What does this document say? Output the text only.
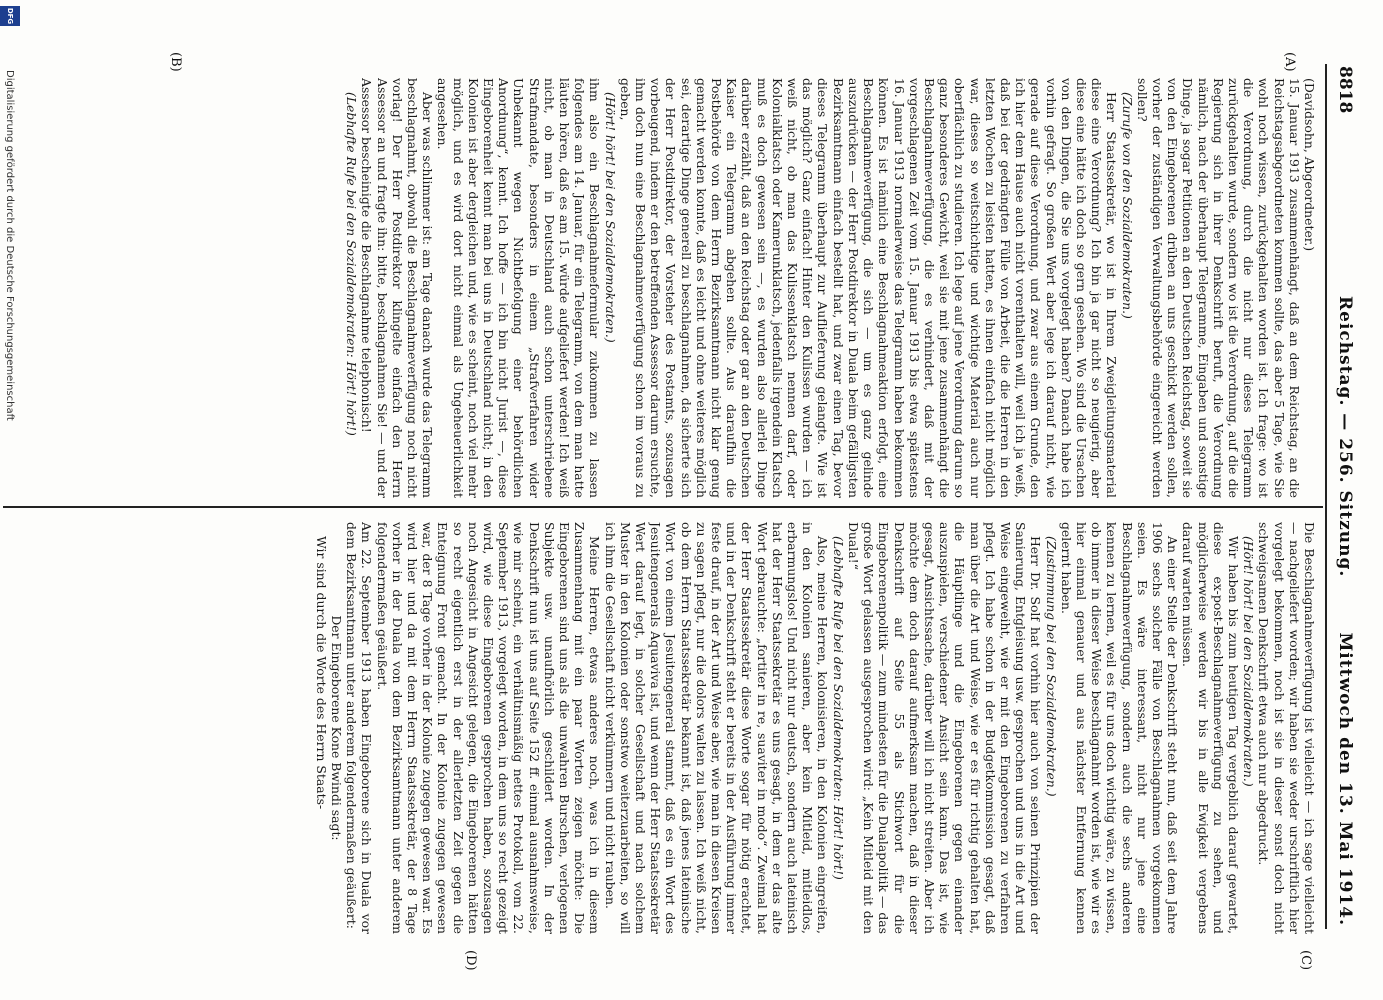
8818
Reichstag. — 256. Sitzung.
Mittwoch den 13. Mai 1914.
(A)
(B)
(C)
(D)

(Davidsohn, Abgeordneter.)

15. Januar 1913 zusammenhängt, daß an dem Reichstag, an die Reichstagsabgeordneten kommen sollte, das aber 5 Tage, wie Sie wohl noch wissen, zurückgehalten worden ist. Ich frage: wo ist die Verordnung, durch die nicht nur dieses Telegramm zurückgehalten wurde, sondern wo ist die Verordnung, auf die die Regierung sich in ihrer Denkschrift beruft, die Verordnung nämlich, nach der überhaupt Telegramme, Eingaben und sonstige Dinge, ja sogar Petitionen an den Deutschen Reichstag, soweit sie von den Eingeborenen drüben an uns geschickt werden sollen, vorher der zuständigen Verwaltungsbehörde eingereicht werden sollen?

(Zurufe von den Sozialdemokraten.)

Herr Staatssekretär, wo ist in Ihrem Zweigleitungsmaterial diese eine Verordnung? Ich bin ja gar nicht so neugierig, aber diese eine hätte ich doch so gern gesehen. Wo sind die Ursachen von den Dingen, die Sie uns vorgelegt haben? Danach habe ich vorhin gefragt. So großen Wert aber lege ich darauf nicht, wie gerade auf diese Verordnung, und zwar aus einem Grunde, den ich hier dem Hause auch nicht vorenthalten will, weil ich ja weiß, daß bei der gedrängten Fülle von Arbeit, die die Herren in den letzten Wochen zu leisten hatten, es ihnen einfach nicht möglich war, dieses so weitschichtige und wichtige Material auch nur oberflächlich zu studieren. Ich lege auf jene Verordnung darum so ganz besonderes Gewicht, weil sie mit jene zusammenhängt die Beschlagnahmeverfügung, die es verhindert, daß mit der vorgeschlagenen Zeit vom 15. Januar 1913 bis etwa spätestens 16. Januar 1913 normalerweise das Telegramm haben bekommen können. Es ist nämlich eine Beschlagnahmeaktion erfolgt, eine Beschlagnahmeverfügung, die sich — um es ganz gelinde auszudrücken — der Herr Postdirektor in Duala beim gefälligsten Bezirksamtmann einfach bestellt hat, und zwar einen Tag, bevor dieses Telegramm überhaupt zur Auflieferung gelangte. Wie ist das möglich? Ganz einfach! Hinter den Kulissen wurden — ich weiß nicht, ob man das Kulissenklatsch nennen darf, oder Kolonialklatsch oder Kamerunklatsch, jedenfalls irgendein Klatsch muß es doch gewesen sein —, es wurden also allerlei Dinge darüber erzählt, daß an den Reichstag oder gar an den Deutschen Kaiser ein Telegramm abgehen sollte. Aus daraufhin die Postbehörde von dem Herrn Bezirksamtmann nicht klar genug gemacht werden konnte, daß es leicht und ohne weiteres möglich sei, derartige Dinge generell zu beschlagnahmen, da sicherte sich der Herr Postdirektor, der Vorsteher des Postamts, sozusagen vorbeugend, indem er den betreffenden Assessor darum ersuchte, ihm doch nun eine Beschlagnahmeverfügung schon im voraus zu geben,

(Hört! hört! bei den Sozialdemokraten.)

ihm also ein Beschlagnahmeformular zukommen zu lassen folgendes am 14. Januar, für ein Telegramm, von dem man hatte läuten hören, daß es am 15. würde aufgeliefert werden! Ich weiß nicht, ob man in Deutschland auch schon unterschriebene Strafmandate, besonders in einem „Strafverfahren wider Unbekannt wegen Nichtbefolgung einer behördlichen Anordnung“, kennt. Ich hoffe — ich bin nicht Jurist —, diese Eingeborenheit kennt man bei uns in Deutschland nicht; in den Kolonien ist aber dergleichen und, wie es scheint, noch viel mehr möglich, und es wird dort nicht einmal als Ungeheuerlichkeit angesehen.

Aber was schlimmer ist: am Tage danach wurde das Telegramm beschlagnahmt, obwohl die Beschlagnahmeverfügung noch nicht vorlag! Der Herr Postdirektor klingelte einfach den Herrn Assessor an und fragte ihn: bitte, beschlagnahmen Sie! — und der Assessor bescheinigte die Beschlagnahme telephonisch!

(Lebhafte Rufe bei den Sozialdemokraten: Hört! hört!)

Die Beschlagnahmeverfügung ist vielleicht — ich sage vielleicht — nachgeliefert worden; wir haben sie weder urschriftlich hier vorgelegt bekommen, noch ist sie in dieser sonst doch nicht schweigsamen Denkschrift etwa auch nur abgedruckt.

(Hört! hört! bei den Sozialdemokraten.)

Wir haben bis zum heutigen Tag vergeblich darauf gewartet, diese ex-post-Beschlagnahmeverfügung zu sehen, und möglicherweise werden wir bis in alle Ewigkeit vergebens darauf warten müssen.

An einer Stelle der Denkschrift steht nun, daß seit dem Jahre 1906 sechs solcher Fälle von Beschlagnahmen vorgekommen seien. Es wäre interessant, nicht nur jene eine Beschlagnahmeverfügung, sondern auch die sechs anderen kennen zu lernen, weil es für uns doch wichtig wäre, zu wissen, ob immer in dieser Weise beschlagnahmt worden ist, wie wir es hier einmal genauer und aus nächster Entfernung kennen gelernt haben.

(Zustimmung bei den Sozialdemokraten.)

Herr Dr. Solf hat vorhin hier auch von seinen Prinzipien der Sanierung, Entgleisung usw. gesprochen und uns in die Art und Weise eingeweiht, wie er mit den Eingeborenen zu verfahren pflegt. Ich habe schon in der Budgetkommission gesagt, daß man über die Art und Weise, wie er es für richtig gehalten hat, die Häuptlinge und die Eingeborenen gegen einander auszuspielen, verschiedener Ansicht sein kann. Das ist, wie gesagt, Ansichtssache, darüber will ich nicht streiten. Aber ich möchte dem doch darauf aufmerksam machen, daß in dieser Denkschrift auf Seite 55 als Stichwort für die Eingeborenenpolitik — zum mindesten für die Dualapolitik — das große Wort gelassen ausgesprochen wird: „Kein Mitleid mit den Duala!“

(Lebhafte Rufe bei den Sozialdemokraten: Hört! hört!)

Also, meine Herren, kolonisieren, in den Kolonien eingreifen, in den Kolonien sanieren, aber kein Mitleid, mitleidlos, erbarmungslos! Und nicht nur deutsch, sondern auch lateinisch hat der Herr Staatssekretär es uns gesagt, in dem er das alte Wort gebrauchte: „fortiter in re, suaviter in modo“. Zweimal hat der Herr Staatssekretär diese Worte sogar für nötig erachtet, und in der Denkschrift steht er bereits in der Ausführung immer feste drauf, in der Art und Weise aber, wie man in diesen Kreisen zu sagen pflegt, nur die dolors walten zu lassen. Ich weiß nicht, ob dem Herrn Staatssekretär bekannt ist, daß jenes lateinische Wort von einem Jesuitengeneral stammt, daß es ein Wort des Jesuitengenerals Aquaviva ist, und wenn der Herr Staatssekretär Wert darauf legt, in solcher Gesellschaft und nach solchem Muster in den Kolonien oder sonstwo weiterzuarbeiten, so will ich ihm die Gesellschaft nicht verkümmern und nicht rauben.

Meine Herren, etwas anderes noch, was ich in diesem Zusammenhang mit ein paar Worten zeigen möchte: Die Eingeborenen sind uns als die unwahren Burschen, verlogenen Subjekte usw. unaufhörlich geschildert worden. In der Denkschrift nun ist uns auf Seite 152 ff. einmal ausnahmsweise, wie mir scheint, ein verhältnismäßig nettes Protokoll, vom 22. September 1913, vorgelegt worden, in dem uns so recht gezeigt wird, wie diese Eingeborenen gesprochen haben, sozusagen noch Angesicht in Angesicht gelegen, die Eingeborenen hätten so recht eigentlich erst in der allerletzten Zeit gegen die Enteignung Front gemacht. In der Kolonie zugegen gewesen war, der 8 Tage vorher in der Kolonie zugegen gewesen war. Es wird hier und da mit dem Herrn Staatssekretär, der 8 Tage vorher in der Duala von dem Bezirksamtmann unter anderem folgendermaßen geäußert.

Am 22. September 1913 haben Eingeborene sich in Duala vor dem Bezirksamtmann unter anderem folgendermaßen geäußert:

Der Eingeborene Kone Bwindi sagt:

Wir sind durch die Worte des Herrn Staats-

DFG
Digitalisierung gefördert durch die Deutsche Forschungsgemeinschaft
